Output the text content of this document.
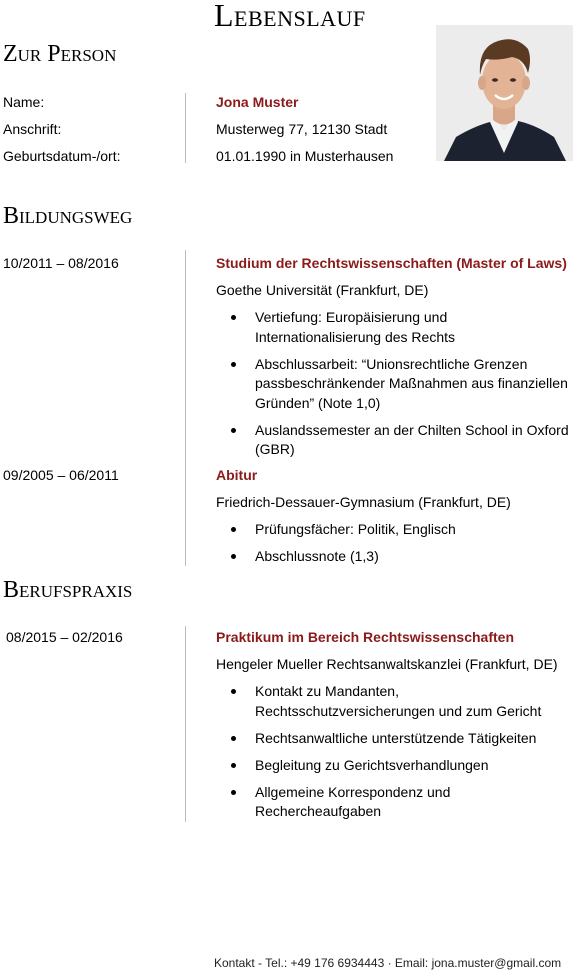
Lebenslauf
Zur Person
Name:	Jona Muster
Anschrift:	Musterweg 77, 12130 Stadt
Geburtsdatum-/ort:	01.01.1990 in Musterhausen
Bildungsweg
10/2011 – 08/2016	Studium der Rechtswissenschaften (Master of Laws)
Goethe Universität (Frankfurt, DE)
Vertiefung: Europäisierung und Internationalisierung des Rechts
Abschlussarbeit: “Unionsrechtliche Grenzen passbeschränkender Maßnahmen aus finanziellen Gründen” (Note 1,0)
Auslandssemester an der Chilten School in Oxford (GBR)
09/2005 – 06/2011	Abitur
Friedrich-Dessauer-Gymnasium (Frankfurt, DE)
Prüfungsfächer: Politik, Englisch
Abschlussnote (1,3)
Berufspraxis
08/2015 – 02/2016	Praktikum im Bereich Rechtswissenschaften
Hengeler Mueller Rechtsanwaltskanzlei (Frankfurt, DE)
Kontakt zu Mandanten, Rechtsschutzversicherungen und zum Gericht
Rechtsanwaltliche unterstützende Tätigkeiten
Begleitung zu Gerichtsverhandlungen
Allgemeine Korrespondenz und Rechercheaufgaben
Kontakt - Tel.: +49 176 6934443 · Email: jona.muster@gmail.com
